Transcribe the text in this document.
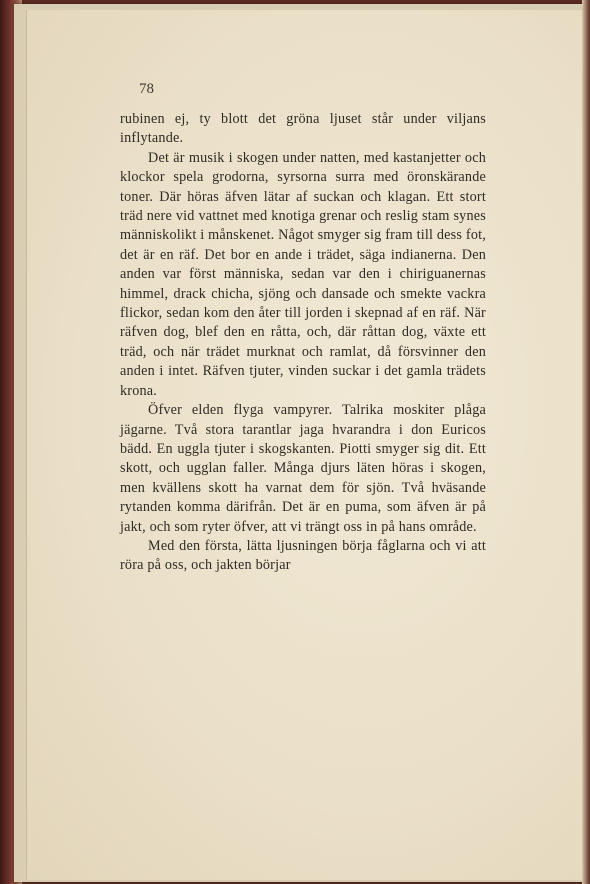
78

rubinen ej, ty blott det gröna ljuset står under viljans inflytande.

Det är musik i skogen under natten, med kastanjetter och klockor spela grodorna, syrsorna surra med öronskärande toner. Där höras äfven lätar af suckan och klagan. Ett stort träd nere vid vattnet med knotiga grenar och reslig stam synes människolikt i månskenet. Något smyger sig fram till dess fot, det är en räf. Det bor en ande i trädet, säga indianerna. Den anden var först människa, sedan var den i chiriguanernas himmel, drack chicha, sjöng och dansade och smekte vackra flickor, sedan kom den åter till jorden i skepnad af en räf. När räfven dog, blef den en råtta, och, där råttan dog, växte ett träd, och när trädet murknat och ramlat, då försvinner den anden i intet. Räfven tjuter, vinden suckar i det gamla trädets krona.

Öfver elden flyga vampyrer. Talrika moskiter plåga jägarne. Två stora tarantlar jaga hvarandra i don Euricos bädd. En uggla tjuter i skogskanten. Piotti smyger sig dit. Ett skott, och ugglan faller. Många djurs läten höras i skogen, men kvällens skott ha varnat dem för sjön. Två hväsande rytanden komma därifrån. Det är en puma, som äfven är på jakt, och som ryter öfver, att vi trängt oss in på hans område.

Med den första, lätta ljusningen börja fåglarna och vi att röra på oss, och jakten börjar
